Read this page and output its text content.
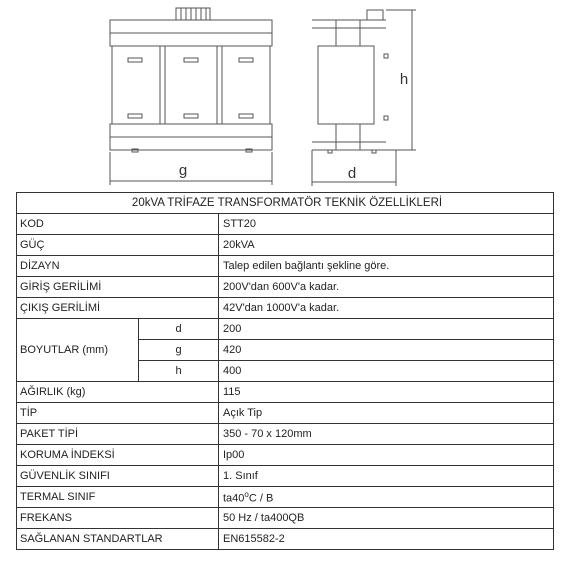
g	d
h
20kVA TRİFAZE TRANSFORMATÖR TEKNİK ÖZELLİKLERİ		
KOD		STT20
GÜÇ		20kVA
DİZAYN		Talep edilen bağlantı şekline göre.
GİRİŞ GERİLİMİ		200V'dan 600V'a kadar.
ÇIKIŞ GERİLİMİ		42V'dan 1000V'a kadar.
BOYUTLAR (mm)	d	200
	g	420
	h	400
AĞIRLIK (kg)		115
TİP		Açık Tip
PAKET TİPİ		350 - 70 x 120mm
KORUMA İNDEKSİ		Ip00
GÜVENLİK SINIFI		1. Sınıf
TERMAL SINIF		ta40$^o$C / B
FREKANS		50 Hz / ta400QB
SAĞLANAN STANDARTLAR		EN615582-2
